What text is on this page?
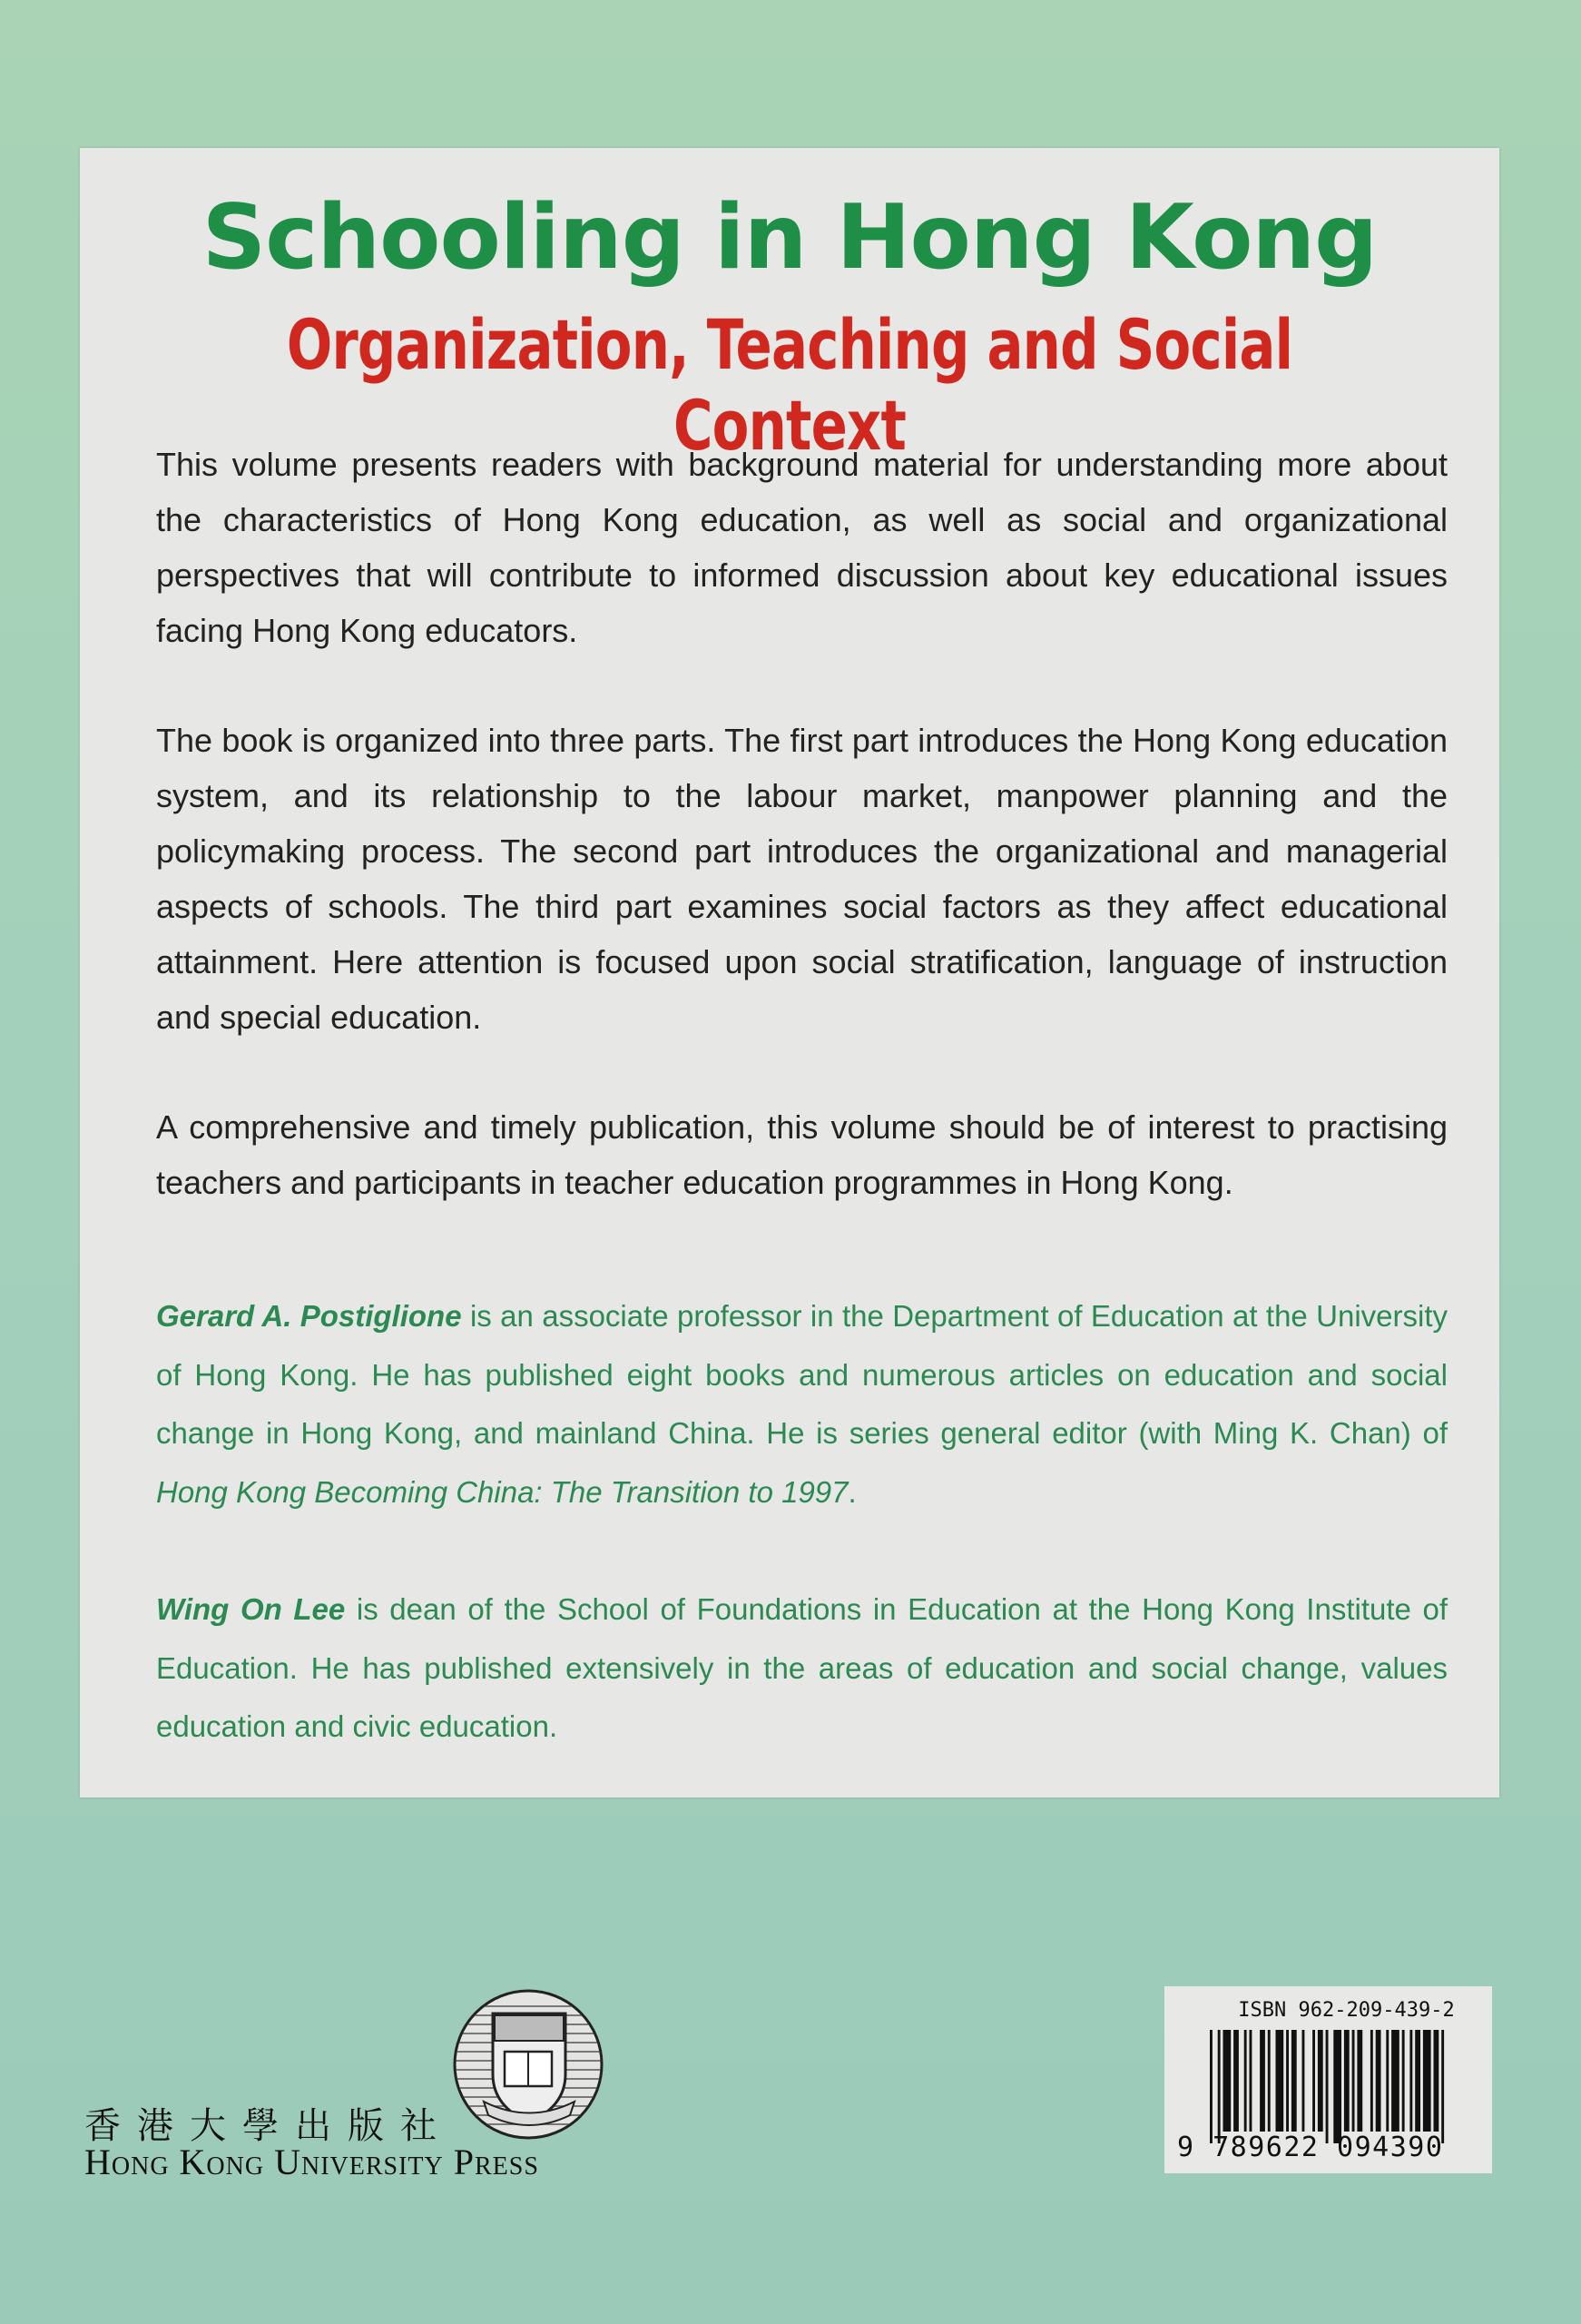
Schooling in Hong Kong
Organization, Teaching and Social Context

This volume presents readers with background material for understanding more about the characteristics of Hong Kong education, as well as social and organizational perspectives that will contribute to informed discussion about key educational issues facing Hong Kong educators.

The book is organized into three parts. The first part introduces the Hong Kong education system, and its relationship to the labour market, manpower planning and the policymaking process. The second part introduces the organizational and managerial aspects of schools. The third part examines social factors as they affect educational attainment. Here attention is focused upon social stratification, language of instruction and special education.

A comprehensive and timely publication, this volume should be of interest to practising teachers and participants in teacher education programmes in Hong Kong.

Gerard A. Postiglione is an associate professor in the Department of Education at the University of Hong Kong. He has published eight books and numerous articles on education and social change in Hong Kong, and mainland China. He is series general editor (with Ming K. Chan) of Hong Kong Becoming China: The Transition to 1997.

Wing On Lee is dean of the School of Foundations in Education at the Hong Kong Institute of Education. He has published extensively in the areas of education and social change, values education and civic education.

香港大學出版社
Hong Kong University Press
ISBN 962-209-439-2
9 789622 094390
